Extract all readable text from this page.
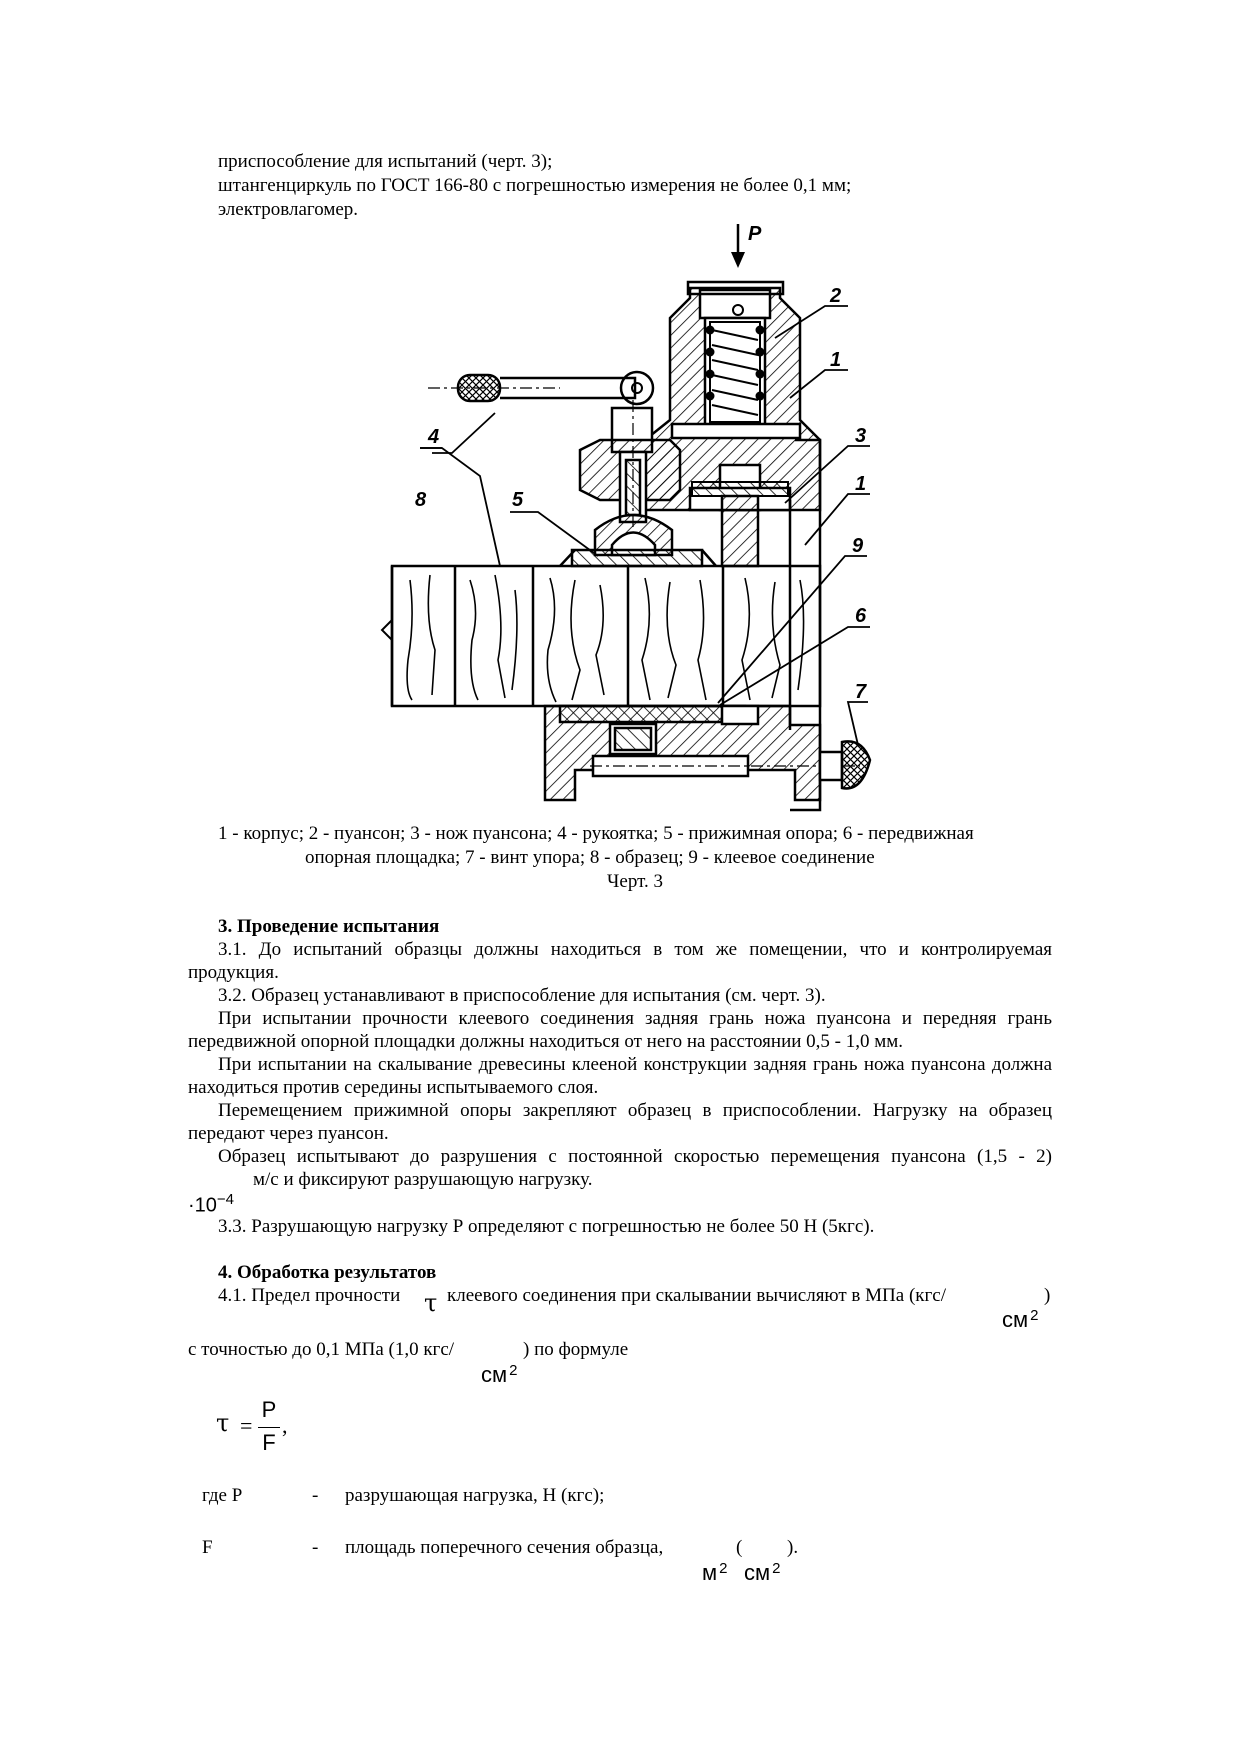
приспособление для испытаний (черт. 3);
штангенциркуль по ГОСТ 166-80 с погрешностью измерения не более 0,1 мм;
электровлагомер.
P
2
1
3
1
4
8	5
9
6
7
1 - корпус; 2 - пуансон; 3 - нож пуансона; 4 - рукоятка; 5 - прижимная опора; 6 - передвижная
опорная площадка; 7 - винт упора; 8 - образец; 9 - клеевое соединение
Черт. 3
3. Проведение испытания
3.1. До испытаний образцы должны находиться в том же помещении, что и контролируемая продукция.
3.2. Образец устанавливают в приспособление для испытания (см. черт. 3).
При испытании прочности клеевого соединения задняя грань ножа пуансона и передняя грань передвижной опорной площадки должны находиться от него на расстоянии 0,5 - 1,0 мм.
При испытании на скалывание древесины клееной конструкции задняя грань ножа пуансона должна находиться против середины испытываемого слоя.
Перемещением прижимной опоры закрепляют образец в приспособлении. Нагрузку на образец передают через пуансон.
Образец испытывают до разрушения с постоянной скоростью перемещения пуансона (1,5 - 2)
м/с и фиксируют разрушающую нагрузку.
$\cdot 10^{-4}$
3.3. Разрушающую нагрузку Р определяют с погрешностью не более 50 Н (5кгс).
4. Обработка результатов
4.1. Предел прочности τ клеевого соединения при скалывании вычисляют в МПа (кгс/	)
см $^2$
с точностью до 0,1 МПа (1,0 кгс/	) по формуле
см $^2$
τ =
P
F
,
где Р	- разрушающая нагрузка, Н (кгс);
F	- площадь поперечного сечения образца,	( ).
м $^2$ см $^2$
